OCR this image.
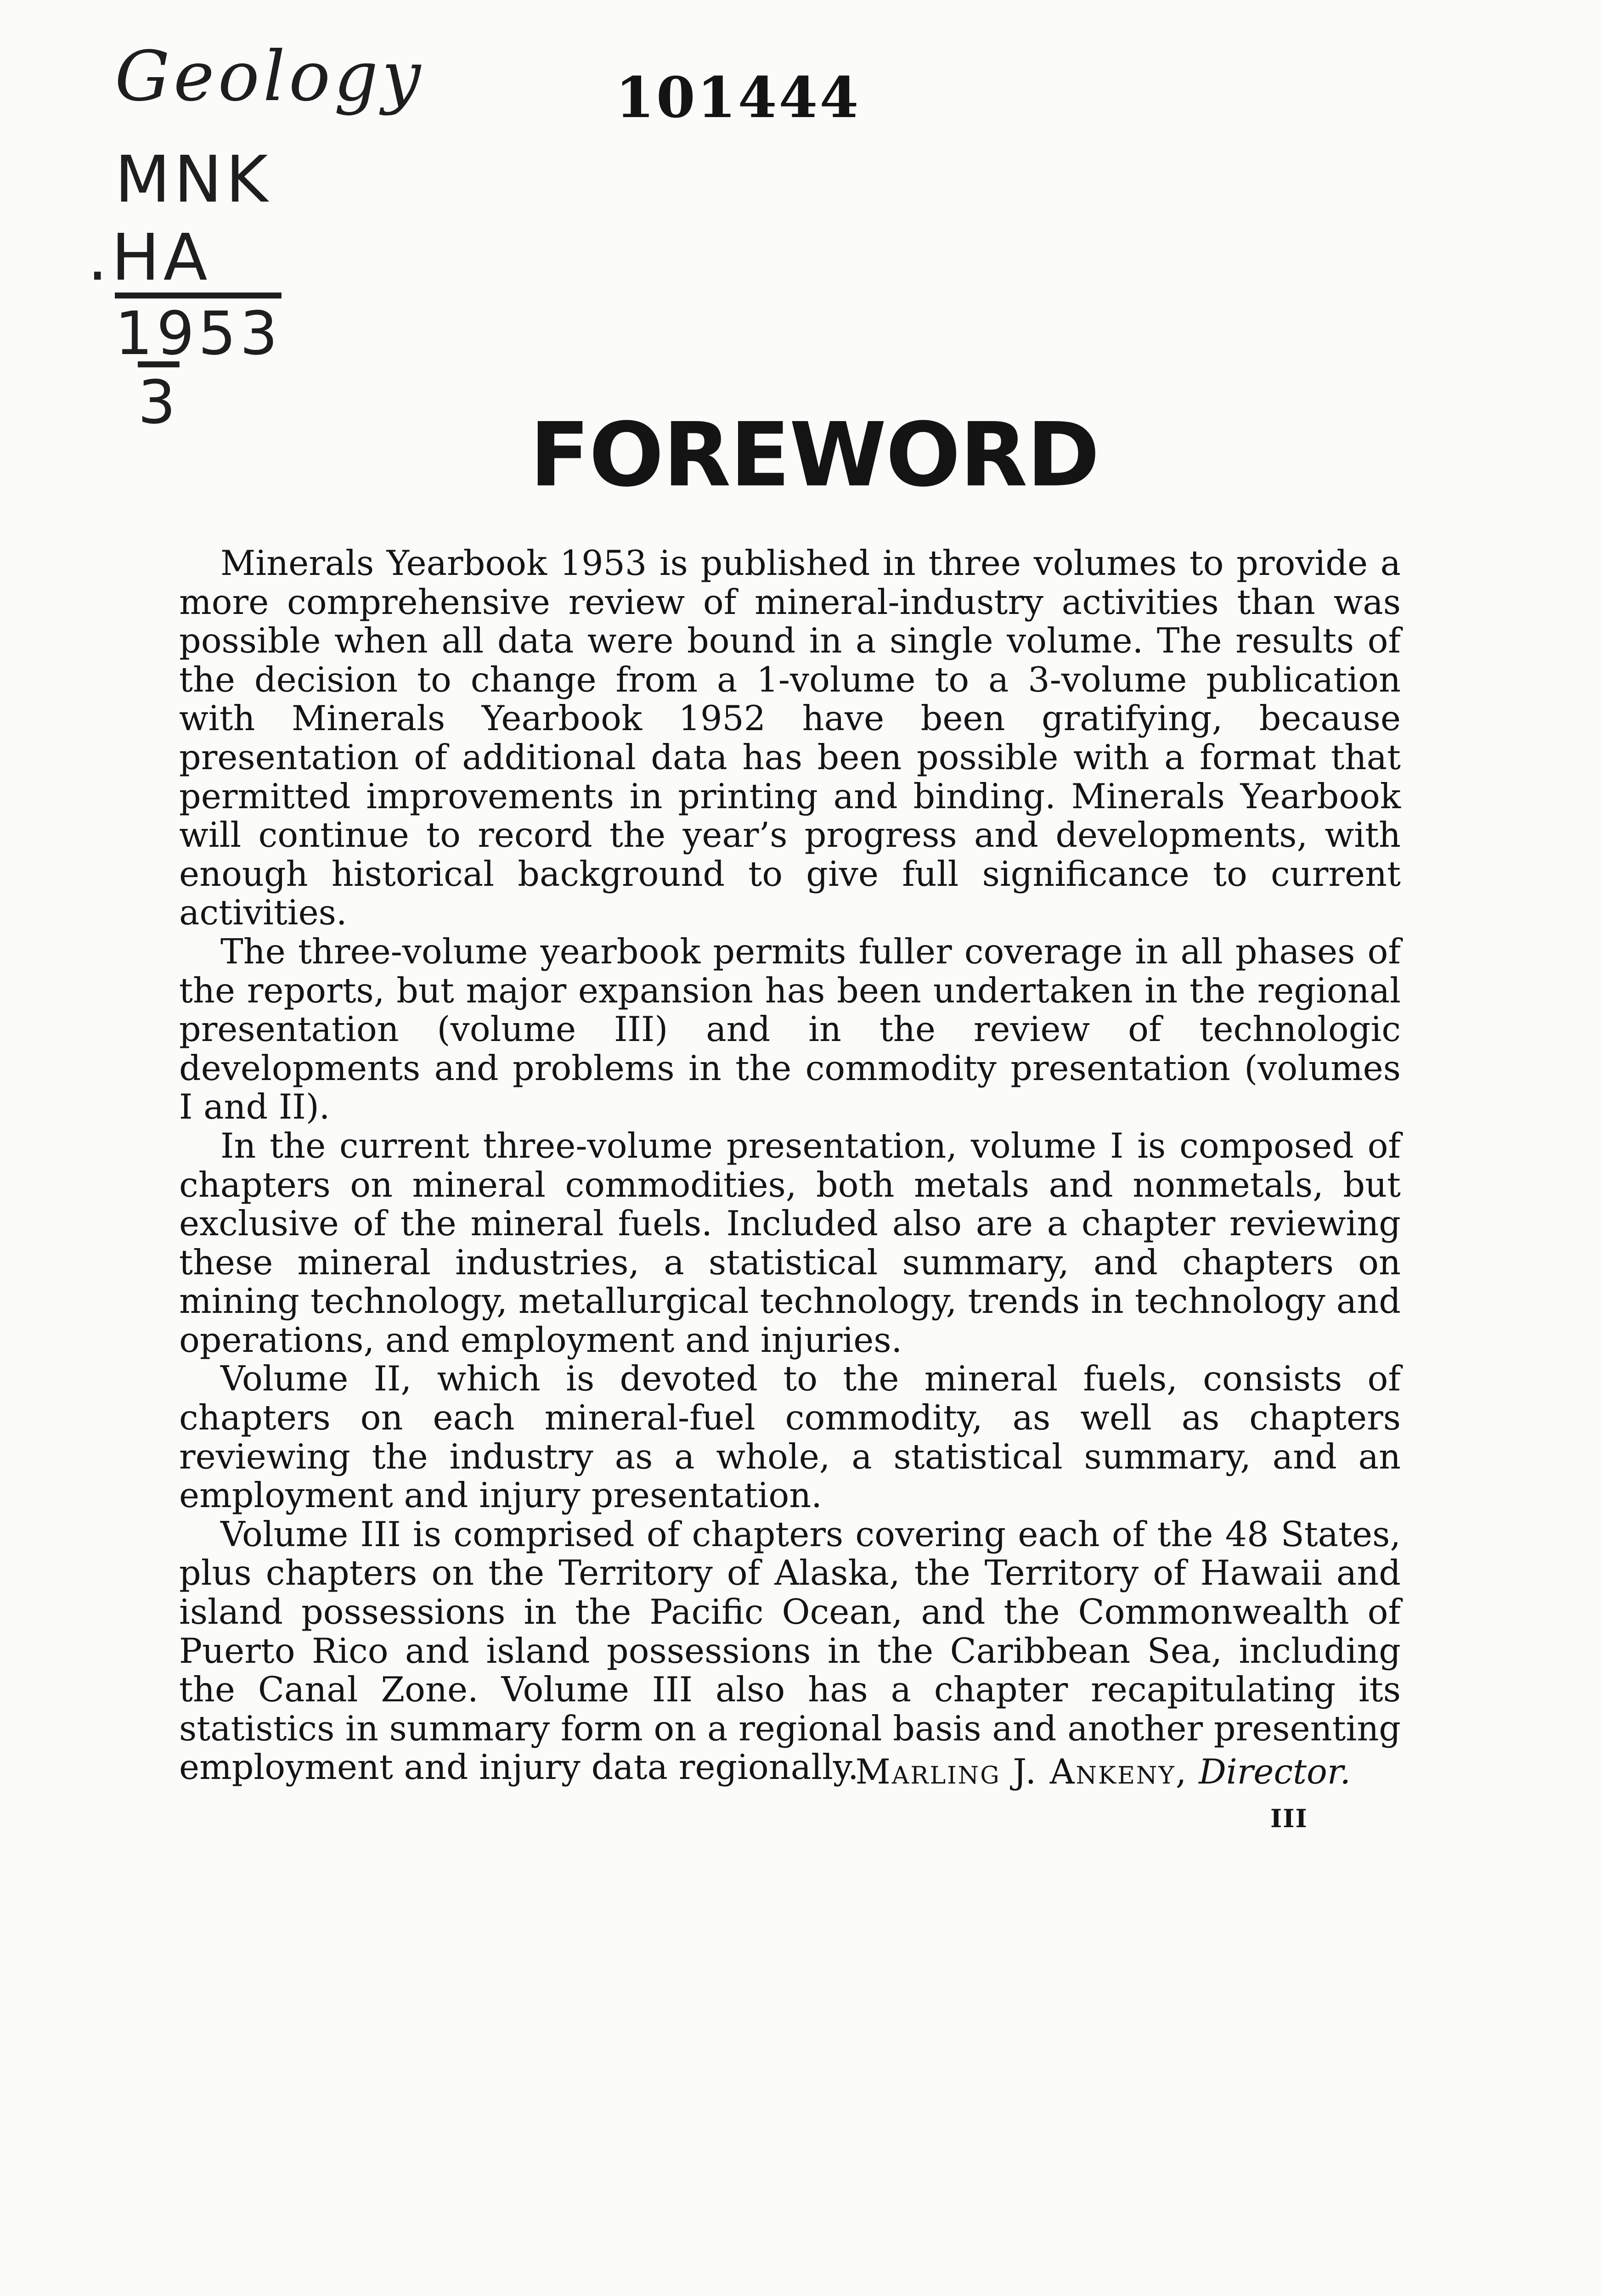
Geology
MNK
.HA
1953
3
101444
FOREWORD

Minerals Yearbook 1953 is published in three volumes to provide a more comprehensive review of mineral-industry activities than was possible when all data were bound in a single volume. The results of the decision to change from a 1-volume to a 3-volume publication with Minerals Yearbook 1952 have been gratifying, because presentation of additional data has been possible with a format that permitted improvements in printing and binding. Minerals Yearbook will continue to record the year’s progress and developments, with enough historical background to give full significance to current activities.

The three-volume yearbook permits fuller coverage in all phases of the reports, but major expansion has been undertaken in the regional presentation (volume III) and in the review of technologic developments and problems in the commodity presentation (volumes I and II).

In the current three-volume presentation, volume I is composed of chapters on mineral commodities, both metals and nonmetals, but exclusive of the mineral fuels. Included also are a chapter reviewing these mineral industries, a statistical summary, and chapters on mining technology, metallurgical technology, trends in technology and operations, and employment and injuries.

Volume II, which is devoted to the mineral fuels, consists of chapters on each mineral-fuel commodity, as well as chapters reviewing the industry as a whole, a statistical summary, and an employment and injury presentation.

Volume III is comprised of chapters covering each of the 48 States, plus chapters on the Territory of Alaska, the Territory of Hawaii and island possessions in the Pacific Ocean, and the Commonwealth of Puerto Rico and island possessions in the Caribbean Sea, including the Canal Zone. Volume III also has a chapter recapitulating its statistics in summary form on a regional basis and another presenting employment and injury data regionally.

Marling J. Ankeny, Director.
III
